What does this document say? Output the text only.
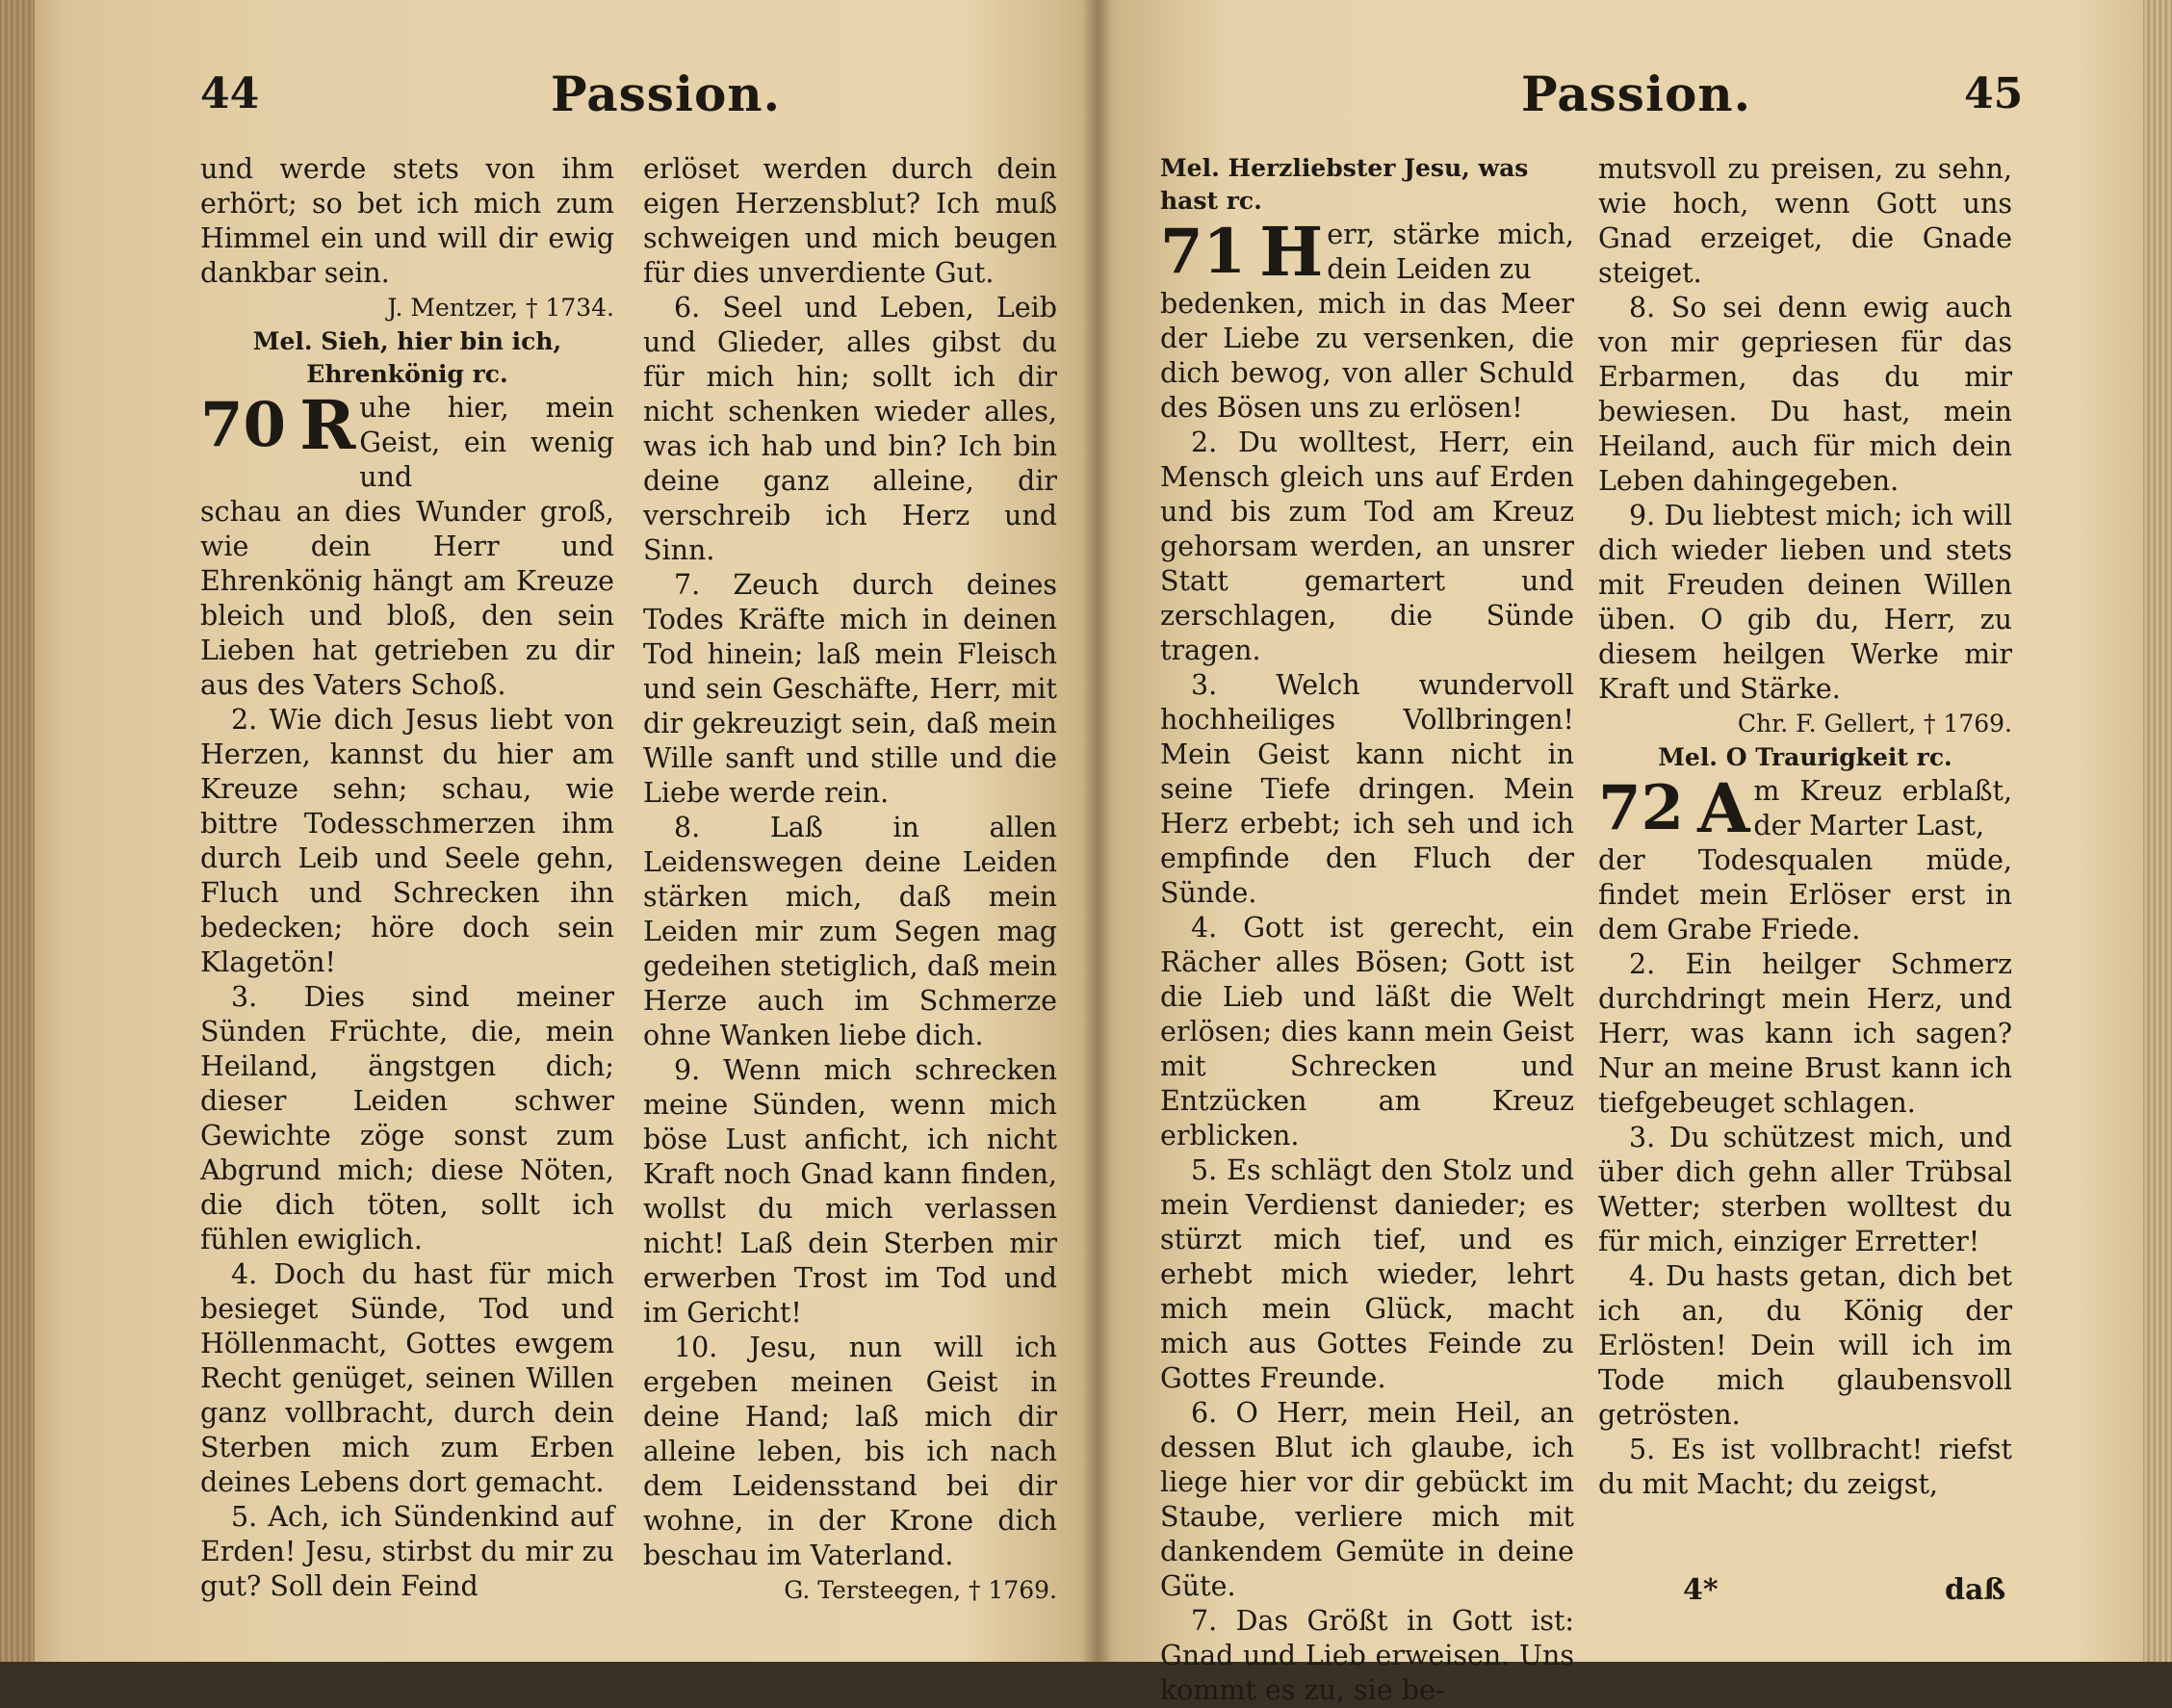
44	Passion.

und werde stets von ihm erhört; so bet ich mich zum Himmel ein und will dir ewig dankbar sein.

J. Mentzer, † 1734.

Mel. Sieh, hier bin ich, Ehrenkönig rc.

70 R uhe hier, mein Geist, ein wenig und

schau an dies Wunder groß, wie dein Herr und Ehrenkönig hängt am Kreuze bleich und bloß, den sein Lieben hat getrieben zu dir aus des Vaters Schoß.

2. Wie dich Jesus liebt von Herzen, kannst du hier am Kreuze sehn; schau, wie bittre Todesschmerzen ihm durch Leib und Seele gehn, Fluch und Schrecken ihn bedecken; höre doch sein Klagetön!

3. Dies sind meiner Sünden Früchte, die, mein Heiland, ängstgen dich; dieser Leiden schwer Gewichte zöge sonst zum Abgrund mich; diese Nöten, die dich töten, sollt ich fühlen ewiglich.

4. Doch du hast für mich besieget Sünde, Tod und Höllenmacht, Gottes ewgem Recht genüget, seinen Willen ganz vollbracht, durch dein Sterben mich zum Erben deines Lebens dort gemacht.

5. Ach, ich Sündenkind auf Erden! Jesu, stirbst du mir zu gut? Soll dein Feind

erlöset werden durch dein eigen Herzensblut? Ich muß schweigen und mich beugen für dies unverdiente Gut.

6. Seel und Leben, Leib und Glieder, alles gibst du für mich hin; sollt ich dir nicht schenken wieder alles, was ich hab und bin? Ich bin deine ganz alleine, dir verschreib ich Herz und Sinn.

7. Zeuch durch deines Todes Kräfte mich in deinen Tod hinein; laß mein Fleisch und sein Geschäfte, Herr, mit dir gekreuzigt sein, daß mein Wille sanft und stille und die Liebe werde rein.

8. Laß in allen Leidenswegen deine Leiden stärken mich, daß mein Leiden mir zum Segen mag gedeihen stetiglich, daß mein Herze auch im Schmerze ohne Wanken liebe dich.

9. Wenn mich schrecken meine Sünden, wenn mich böse Lust anficht, ich nicht Kraft noch Gnad kann finden, wollst du mich verlassen nicht! Laß dein Sterben mir erwerben Trost im Tod und im Gericht!

10. Jesu, nun will ich ergeben meinen Geist in deine Hand; laß mich dir alleine leben, bis ich nach dem Leidensstand bei dir wohne, in der Krone dich beschau im Vaterland.

G. Tersteegen, † 1769.

Passion.	45

Mel. Herzliebster Jesu, was hast rc.

71 H err, stärke mich, dein Leiden zu

bedenken, mich in das Meer der Liebe zu versenken, die dich bewog, von aller Schuld des Bösen uns zu erlösen!

2. Du wolltest, Herr, ein Mensch gleich uns auf Erden und bis zum Tod am Kreuz gehorsam werden, an unsrer Statt gemartert und zerschlagen, die Sünde tragen.

3. Welch wundervoll hochheiliges Vollbringen! Mein Geist kann nicht in seine Tiefe dringen. Mein Herz erbebt; ich seh und ich empfinde den Fluch der Sünde.

4. Gott ist gerecht, ein Rächer alles Bösen; Gott ist die Lieb und läßt die Welt erlösen; dies kann mein Geist mit Schrecken und Entzücken am Kreuz erblicken.

5. Es schlägt den Stolz und mein Verdienst danieder; es stürzt mich tief, und es erhebt mich wieder, lehrt mich mein Glück, macht mich aus Gottes Feinde zu Gottes Freunde.

6. O Herr, mein Heil, an dessen Blut ich glaube, ich liege hier vor dir gebückt im Staube, verliere mich mit dankendem Gemüte in deine Güte.

7. Das Größt in Gott ist: Gnad und Lieb erweisen. Uns kommt es zu, sie be-

mutsvoll zu preisen, zu sehn, wie hoch, wenn Gott uns Gnad erzeiget, die Gnade steiget.

8. So sei denn ewig auch von mir gepriesen für das Erbarmen, das du mir bewiesen. Du hast, mein Heiland, auch für mich dein Leben dahingegeben.

9. Du liebtest mich; ich will dich wieder lieben und stets mit Freuden deinen Willen üben. O gib du, Herr, zu diesem heilgen Werke mir Kraft und Stärke.

Chr. F. Gellert, † 1769.

Mel. O Traurigkeit rc.

72 A m Kreuz erblaßt, der Marter Last,

der Todesqualen müde, findet mein Erlöser erst in dem Grabe Friede.

2. Ein heilger Schmerz durchdringt mein Herz, und Herr, was kann ich sagen? Nur an meine Brust kann ich tiefgebeuget schlagen.

3. Du schützest mich, und über dich gehn aller Trübsal Wetter; sterben wolltest du für mich, einziger Erretter!

4. Du hasts getan, dich bet ich an, du König der Erlösten! Dein will ich im Tode mich glaubensvoll getrösten.

5. Es ist vollbracht! riefst du mit Macht; du zeigst,

4*	daß
